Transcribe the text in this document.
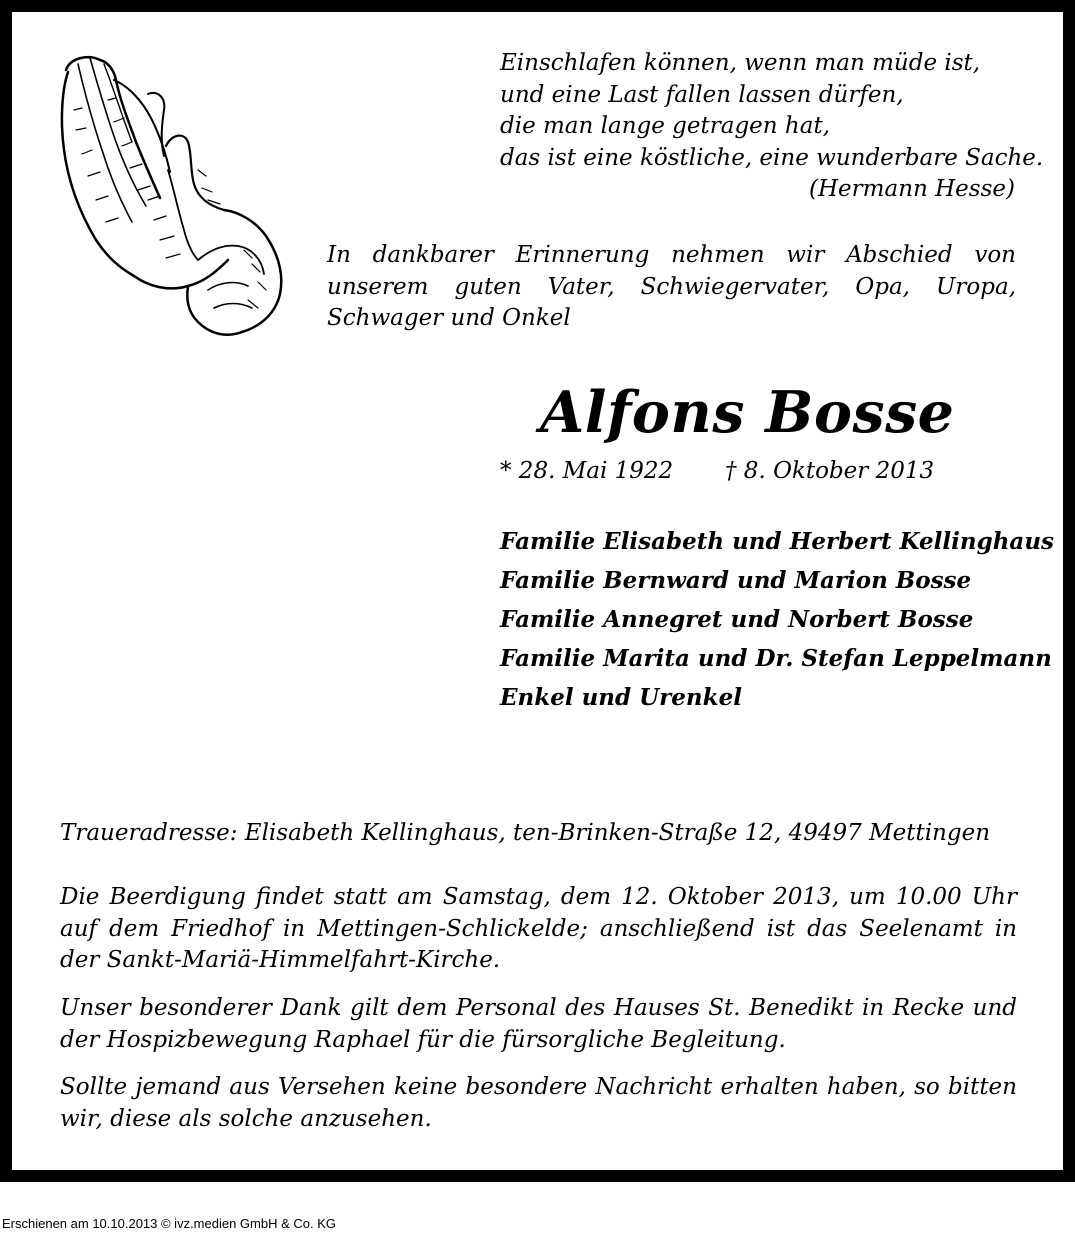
Einschlafen können, wenn man müde ist,
und eine Last fallen lassen dürfen,
die man lange getragen hat,
das ist eine köstliche, eine wunderbare Sache.
(Hermann Hesse)
In dankbarer Erinnerung nehmen wir Abschied von unserem guten Vater, Schwiegervater, Opa, Uropa, Schwager und Onkel
Alfons Bosse
* 28. Mai 1922 † 8. Oktober 2013
Familie Elisabeth und Herbert Kellinghaus
Familie Bernward und Marion Bosse
Familie Annegret und Norbert Bosse
Familie Marita und Dr. Stefan Leppelmann
Enkel und Urenkel
Traueradresse: Elisabeth Kellinghaus, ten-Brinken-Straße 12, 49497 Mettingen
Die Beerdigung findet statt am Samstag, dem 12. Oktober 2013, um 10.00 Uhr auf dem Friedhof in Mettingen-Schlickelde; anschließend ist das Seelenamt in der Sankt-Mariä-Himmelfahrt-Kirche.
Unser besonderer Dank gilt dem Personal des Hauses St. Benedikt in Recke und der Hospizbewegung Raphael für die fürsorgliche Begleitung.
Sollte jemand aus Versehen keine besondere Nachricht erhalten haben, so bitten wir, diese als solche anzusehen.
Erschienen am 10.10.2013 © ivz.medien GmbH & Co. KG
